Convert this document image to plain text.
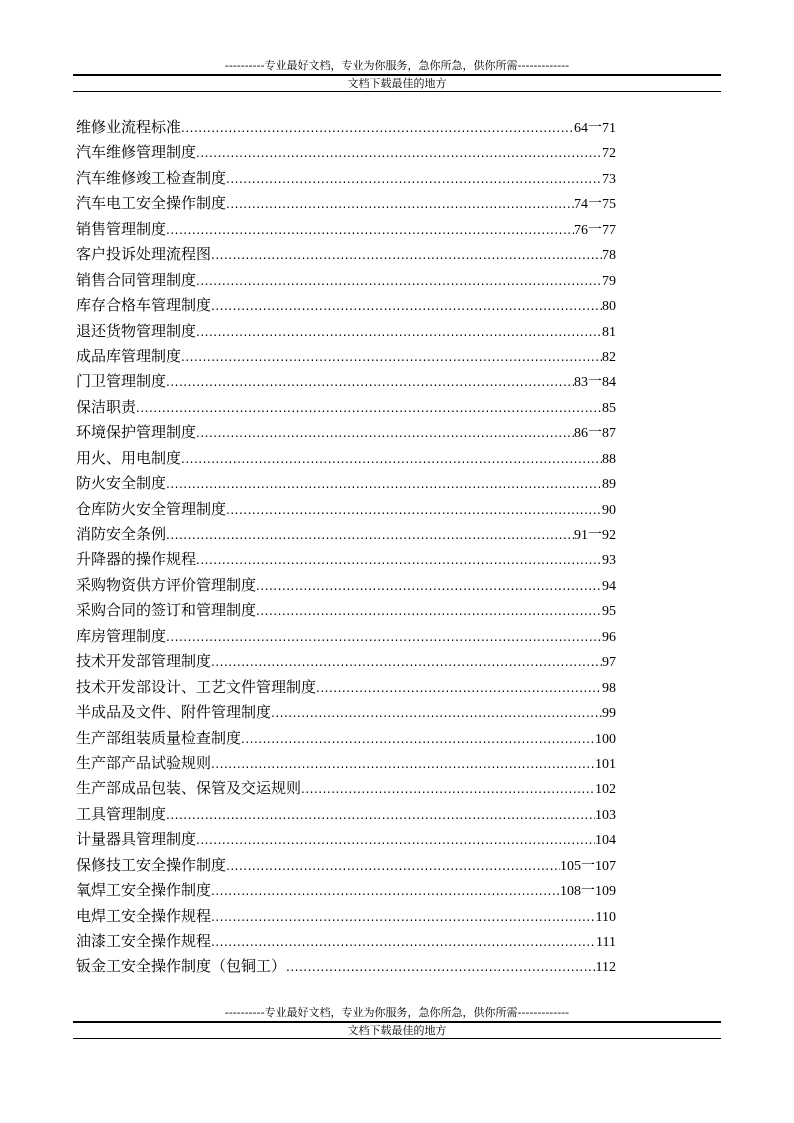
----------专业最好文档，专业为你服务，急你所急，供你所需-------------
文档下载最佳的地方
维修业流程标准 .....	64一71
汽车维修管理制度 .....	72
汽车维修竣工检查制度 .....	73
汽车电工安全操作制度 .....	74一75
销售管理制度 .....	76一77
客户投诉处理流程图 .....	78
销售合同管理制度 .....	79
库存合格车管理制度 .....	80
退还货物管理制度 .....	81
成品库管理制度 .....	82
门卫管理制度 .....	83一84
保洁职责 .....	85
环境保护管理制度 .....	86一87
用火、用电制度 .....	88
防火安全制度 .....	89
仓库防火安全管理制度 .....	90
消防安全条例 .....	91一92
升降器的操作规程 .....	93
采购物资供方评价管理制度 .....	94
采购合同的签订和管理制度 .....	95
库房管理制度 .....	96
技术开发部管理制度 .....	97
技术开发部设计、工艺文件管理制度 .....	98
半成品及文件、附件管理制度 .....	99
生产部组装质量检查制度 .....	100
生产部产品试验规则 .....	101
生产部成品包装、保管及交运规则 .....	102
工具管理制度 .....	103
计量器具管理制度 .....	104
保修技工安全操作制度 .....	105一107
氧焊工安全操作制度 .....	108一109
电焊工安全操作规程 .....	110
油漆工安全操作规程 .....	111
钣金工安全操作制度（包铜工） .....	112
----------专业最好文档，专业为你服务，急你所急，供你所需-------------
文档下载最佳的地方
